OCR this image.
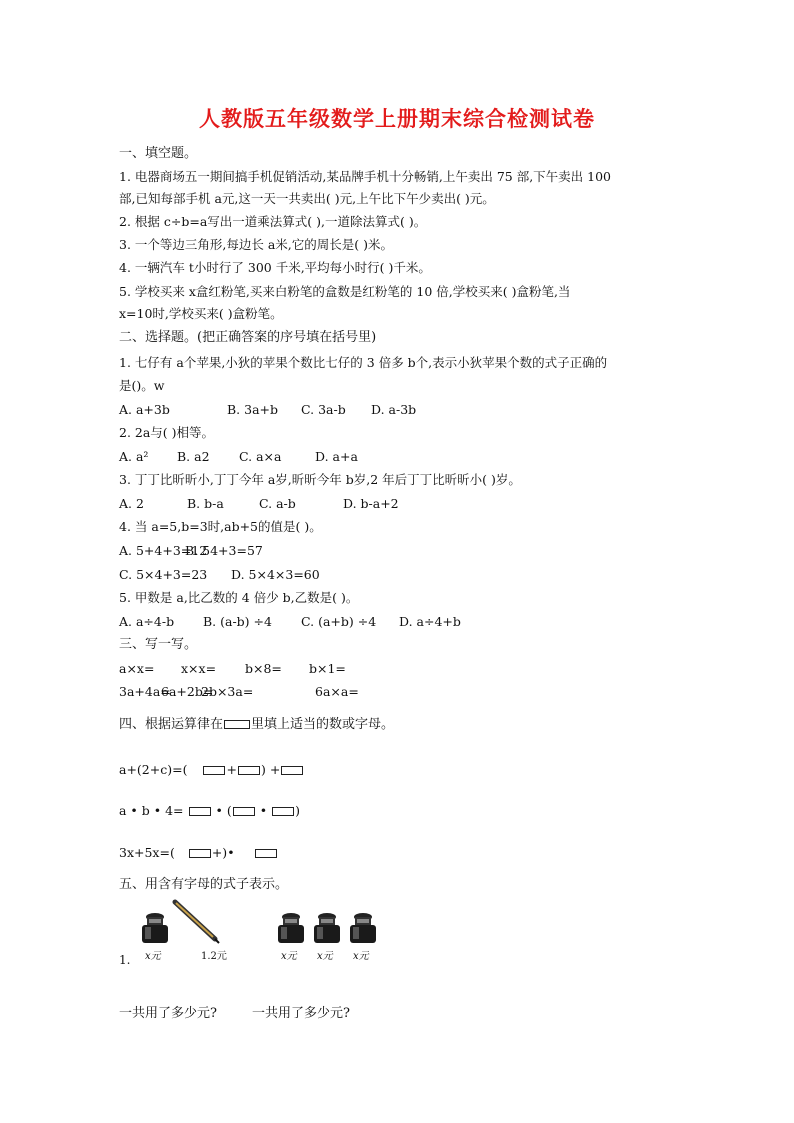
人教版五年级数学上册期末综合检测试卷
一、填空题。
1. 电器商场五一期间搞手机促销活动,某品牌手机十分畅销,上午卖出 75 部,下午卖出 100
部,已知每部手机 a元,这一天一共卖出( )元,上午比下午少卖出( )元。
2. 根据 c÷b=a写出一道乘法算式( ),一道除法算式( )。
3. 一个等边三角形,每边长 a米,它的周长是( )米。
4. 一辆汽车 t小时行了 300 千米,平均每小时行( )千米。
5. 学校买来 x盒红粉笔,买来白粉笔的盒数是红粉笔的 10 倍,学校买来( )盒粉笔,当
x=10时,学校买来( )盒粉笔。
二、选择题。(把正确答案的序号填在括号里)
1. 七仔有 a个苹果,小狄的苹果个数比七仔的 3 倍多 b个,表示小狄苹果个数的式子正确的
是()。w
A. a+3b	B. 3a+b C. 3a-b D. a-3b
2. 2a与( )相等。
A. a² B. a2 C. a×a	D. a+a
3. 丁丁比昕昕小,丁丁今年 a岁,昕昕今年 b岁,2 年后丁丁比昕昕小( )岁。
A. 2	B. b-a	C. a-b	D. b-a+2
4. 当 a=5,b=3时,ab+5的值是( )。
A. 5+4+3=12B. 54+3=57
C. 5×4+3=23 D. 5×4×3=60
5. 甲数是 a,比乙数的 4 倍少 b,乙数是( )。
A. a÷4-b B. (a-b) ÷4 C. (a+b) ÷4 D. a÷4+b
三、写一写。
a×x= x×x= b×8= b×1=
3a+4a=6a+2b=2b×3a=	6a×a=
四、根据运算律在 里填上适当的数或字母。
a+(2+c)=(	+ ) +
a • b • 4=	• ( • )
3x+5x=(	+)•
五、用含有字母的式子表示。
1. x元	1.2元	x元 x元 x元
一共用了多少元?	一共用了多少元?
